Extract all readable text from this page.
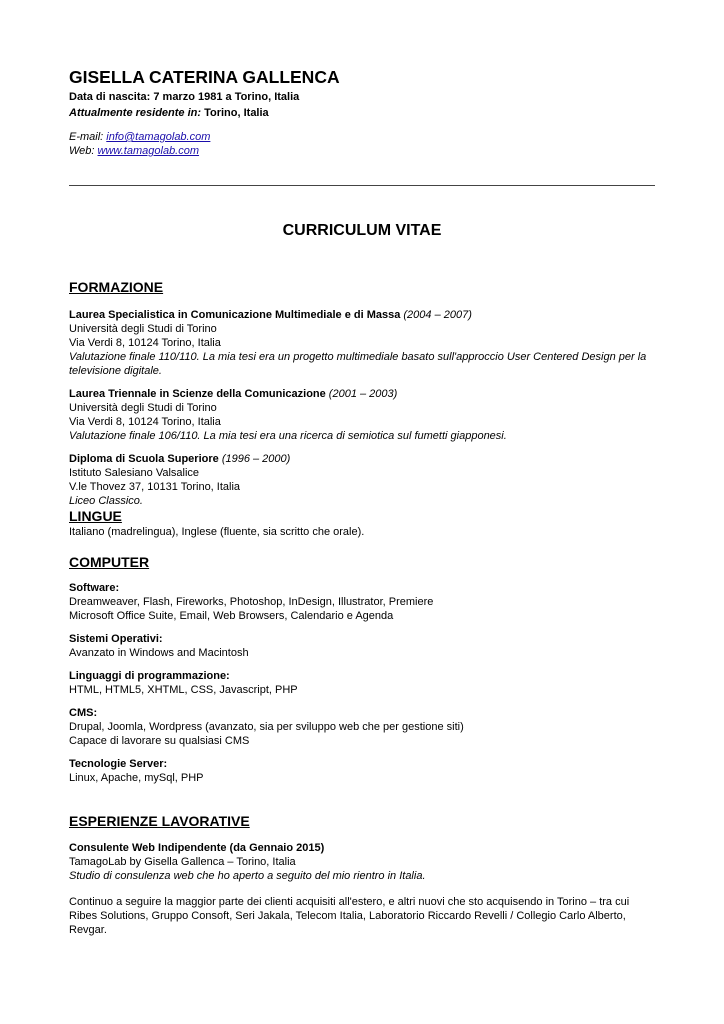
GISELLA CATERINA GALLENCA
Data di nascita: 7 marzo 1981 a Torino, Italia
Attualmente residente in: Torino, Italia
E-mail: info@tamagolab.com
Web: www.tamagolab.com
CURRICULUM VITAE
FORMAZIONE
Laurea Specialistica in Comunicazione Multimediale e di Massa (2004 – 2007)
Università degli Studi di Torino
Via Verdi 8, 10124 Torino, Italia
Valutazione finale 110/110. La mia tesi era un progetto multimediale basato sull'approccio User Centered Design per la televisione digitale.
Laurea Triennale in Scienze della Comunicazione (2001 – 2003)
Università degli Studi di Torino
Via Verdi 8, 10124 Torino, Italia
Valutazione finale 106/110. La mia tesi era una ricerca di semiotica sul fumetti giapponesi.
Diploma di Scuola Superiore (1996 – 2000)
Istituto Salesiano Valsalice
V.le Thovez 37, 10131 Torino, Italia
Liceo Classico.
LINGUE
Italiano (madrelingua), Inglese (fluente, sia scritto che orale).
COMPUTER
Software:
Dreamweaver, Flash, Fireworks, Photoshop, InDesign, Illustrator, Premiere
Microsoft Office Suite, Email, Web Browsers, Calendario e Agenda
Sistemi Operativi:
Avanzato in Windows and Macintosh
Linguaggi di programmazione:
HTML, HTML5, XHTML, CSS, Javascript, PHP
CMS:
Drupal, Joomla, Wordpress (avanzato, sia per sviluppo web che per gestione siti)
Capace di lavorare su qualsiasi CMS
Tecnologie Server:
Linux, Apache, mySql, PHP
ESPERIENZE LAVORATIVE
Consulente Web Indipendente (da Gennaio 2015)
TamagoLab by Gisella Gallenca – Torino, Italia
Studio di consulenza web che ho aperto a seguito del mio rientro in Italia.
Continuo a seguire la maggior parte dei clienti acquisiti all'estero, e altri nuovi che sto acquisendo in Torino – tra cui Ribes Solutions, Gruppo Consoft, Seri Jakala, Telecom Italia, Laboratorio Riccardo Revelli / Collegio Carlo Alberto, Revgar.
